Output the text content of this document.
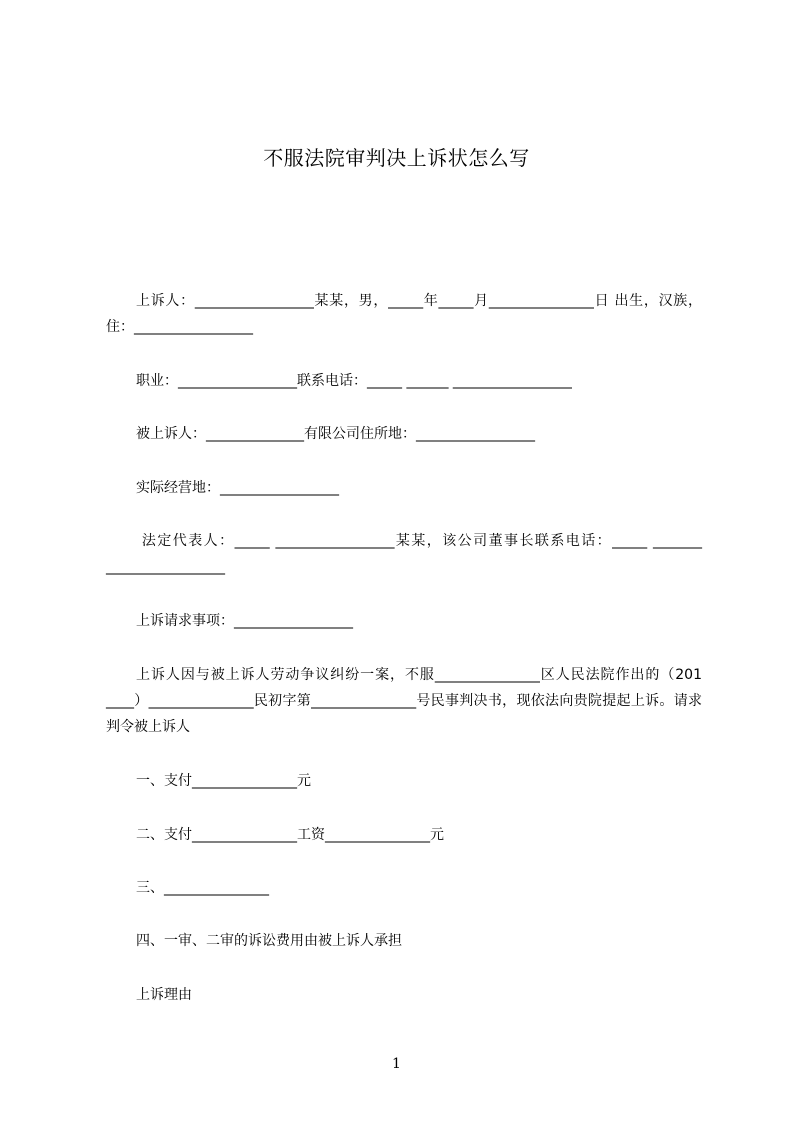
不服法院审判决上诉状怎么写
上诉人：_________________某某，男，_____年_____月_______________日 出生，汉族，住：_________________
职业：_________________联系电话：_____ ______ _________________
被上诉人：______________有限公司住所地：_________________
实际经营地：_________________
法定代表人：_____ _________________某某，该公司董事长联系电话：_____ _______ _________________
上诉请求事项：_________________
上诉人因与被上诉人劳动争议纠纷一案，不服_______________区人民法院作出的（201 ____）_______________民初字第_______________号民事判决书，现依法向贵院提起上诉。请求判令被上诉人
一、支付_______________元
二、支付_______________工资_______________元
三、_______________
四、一审、二审的诉讼费用由被上诉人承担
上诉理由
1
